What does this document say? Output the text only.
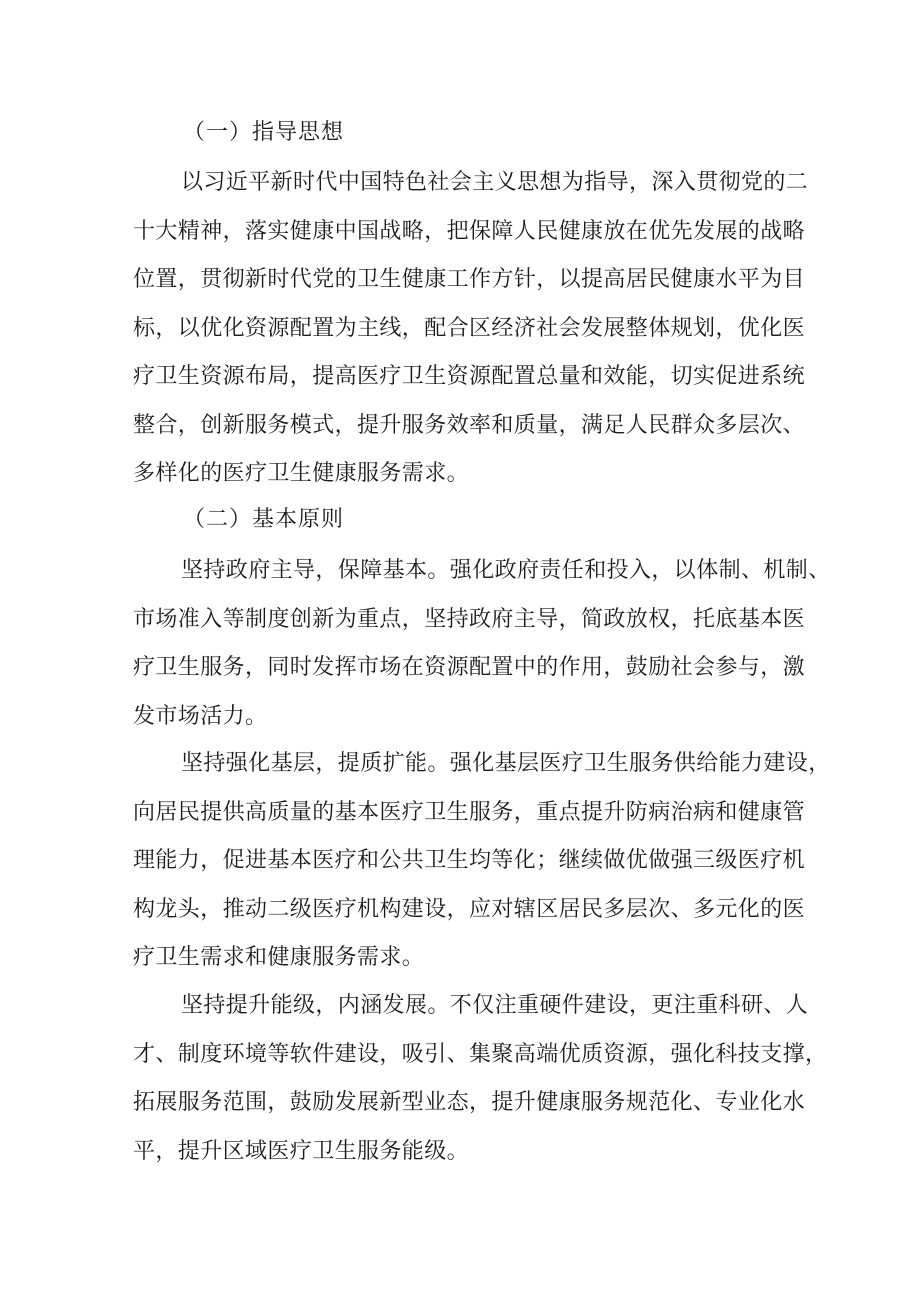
（一）指导思想
以习近平新时代中国特色社会主义思想为指导，深入贯彻党的二
十大精神，落实健康中国战略，把保障人民健康放在优先发展的战略
位置，贯彻新时代党的卫生健康工作方针，以提高居民健康水平为目
标，以优化资源配置为主线，配合区经济社会发展整体规划，优化医
疗卫生资源布局，提高医疗卫生资源配置总量和效能，切实促进系统
整合，创新服务模式，提升服务效率和质量，满足人民群众多层次、
多样化的医疗卫生健康服务需求。
（二）基本原则
坚持政府主导，保障基本。强化政府责任和投入，以体制、机制、
市场准入等制度创新为重点，坚持政府主导，简政放权，托底基本医
疗卫生服务，同时发挥市场在资源配置中的作用，鼓励社会参与，激
发市场活力。
坚持强化基层，提质扩能。强化基层医疗卫生服务供给能力建设，
向居民提供高质量的基本医疗卫生服务，重点提升防病治病和健康管
理能力，促进基本医疗和公共卫生均等化；继续做优做强三级医疗机
构龙头，推动二级医疗机构建设，应对辖区居民多层次、多元化的医
疗卫生需求和健康服务需求。
坚持提升能级，内涵发展。不仅注重硬件建设，更注重科研、人
才、制度环境等软件建设，吸引、集聚高端优质资源，强化科技支撑，
拓展服务范围，鼓励发展新型业态，提升健康服务规范化、专业化水
平，提升区域医疗卫生服务能级。
